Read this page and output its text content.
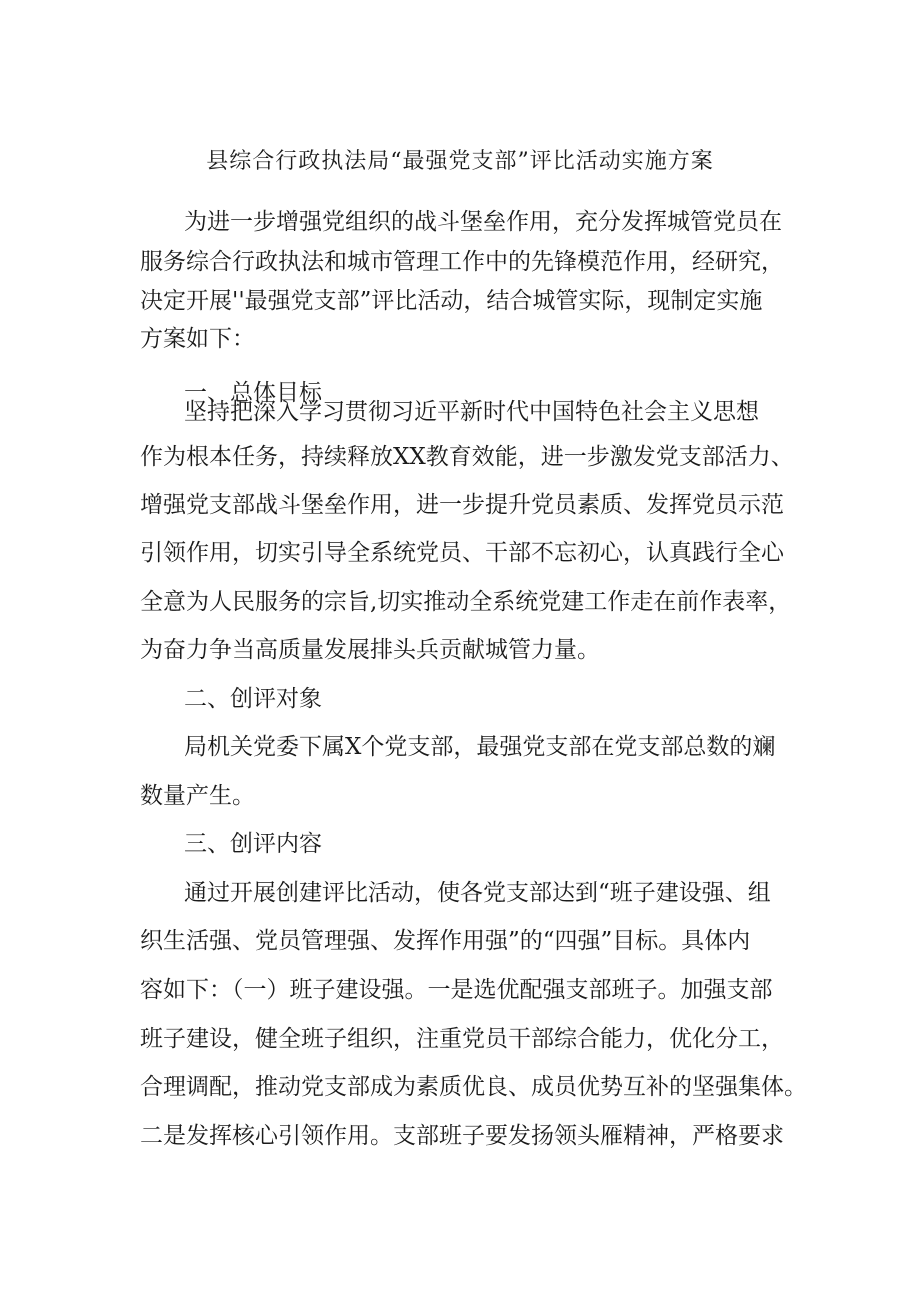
县综合行政执法局“最强党支部”评比活动实施方案
为进一步增强党组织的战斗堡垒作用，充分发挥城管党员在
服务综合行政执法和城市管理工作中的先锋模范作用，经研究，
决定开展''最强党支部”评比活动，结合城管实际，现制定实施
方案如下：
一、总体目标
坚持把深入学习贯彻习近平新时代中国特色社会主义思想
作为根本任务，持续释放XX教育效能，进一步激发党支部活力、
增强党支部战斗堡垒作用，进一步提升党员素质、发挥党员示范
引领作用，切实引导全系统党员、干部不忘初心，认真践行全心
全意为人民服务的宗旨,切实推动全系统党建工作走在前作表率，
为奋力争当高质量发展排头兵贡献城管力量。
二、创评对象
局机关党委下属X个党支部，最强党支部在党支部总数的斓
数量产生。
三、创评内容
通过开展创建评比活动，使各党支部达到“班子建设强、组
织生活强、党员管理强、发挥作用强”的“四强”目标。具体内
容如下：（一）班子建设强。一是选优配强支部班子。加强支部
班子建设，健全班子组织，注重党员干部综合能力，优化分工，
合理调配，推动党支部成为素质优良、成员优势互补的坚强集体。
二是发挥核心引领作用。支部班子要发扬领头雁精神，严格要求
